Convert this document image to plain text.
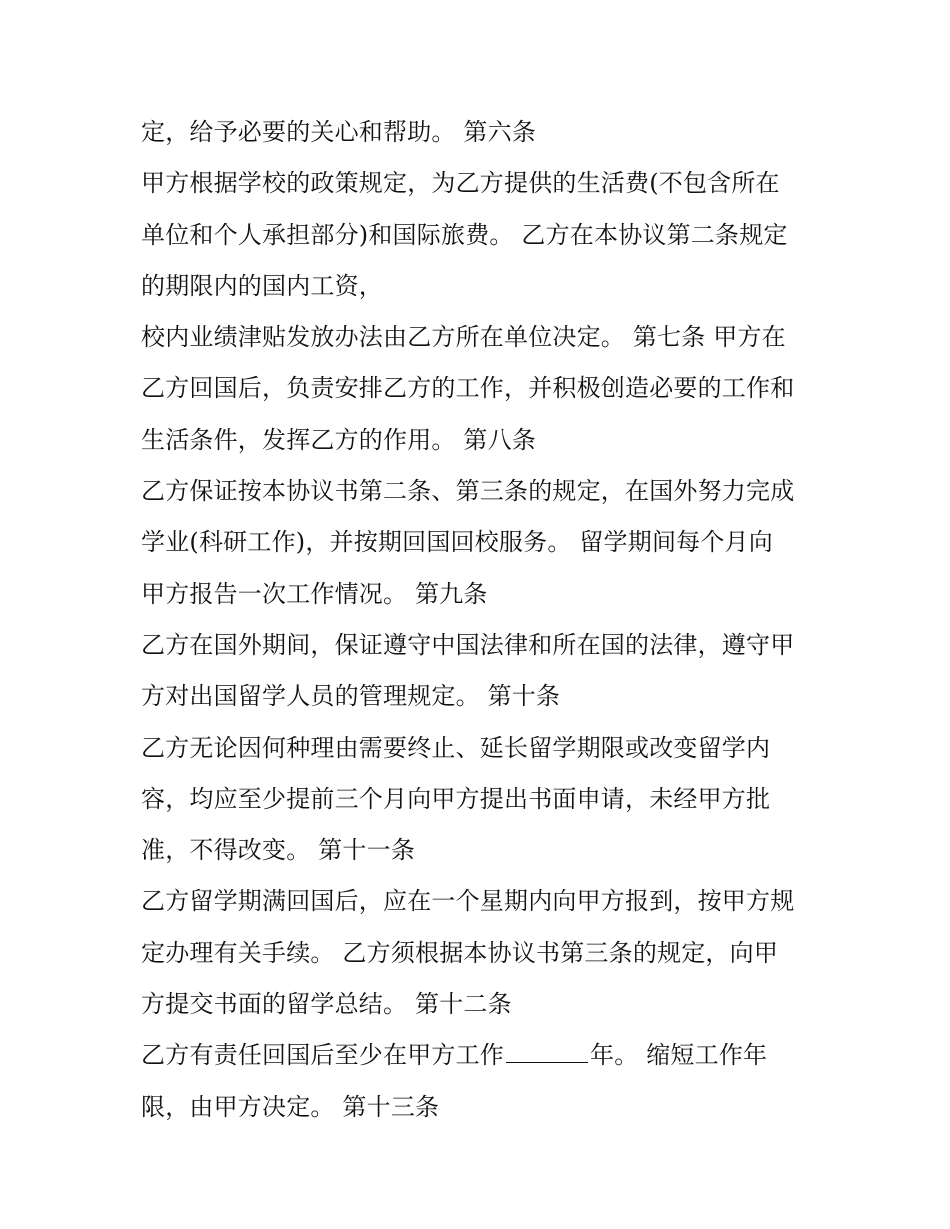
定，给予必要的关心和帮助。 第六条
甲方根据学校的政策规定，为乙方提供的生活费(不包含所在
单位和个人承担部分)和国际旅费。 乙方在本协议第二条规定
的期限内的国内工资，
校内业绩津贴发放办法由乙方所在单位决定。 第七条 甲方在
乙方回国后，负责安排乙方的工作，并积极创造必要的工作和
生活条件，发挥乙方的作用。 第八条
乙方保证按本协议书第二条、第三条的规定，在国外努力完成
学业(科研工作)，并按期回国回校服务。 留学期间每个月向
甲方报告一次工作情况。 第九条
乙方在国外期间，保证遵守中国法律和所在国的法律，遵守甲
方对出国留学人员的管理规定。 第十条
乙方无论因何种理由需要终止、延长留学期限或改变留学内
容，均应至少提前三个月向甲方提出书面申请，未经甲方批
准，不得改变。 第十一条
乙方留学期满回国后，应在一个星期内向甲方报到，按甲方规
定办理有关手续。 乙方须根据本协议书第三条的规定，向甲
方提交书面的留学总结。 第十二条
乙方有责任回国后至少在甲方工作	年。 缩短工作年
限，由甲方决定。 第十三条
